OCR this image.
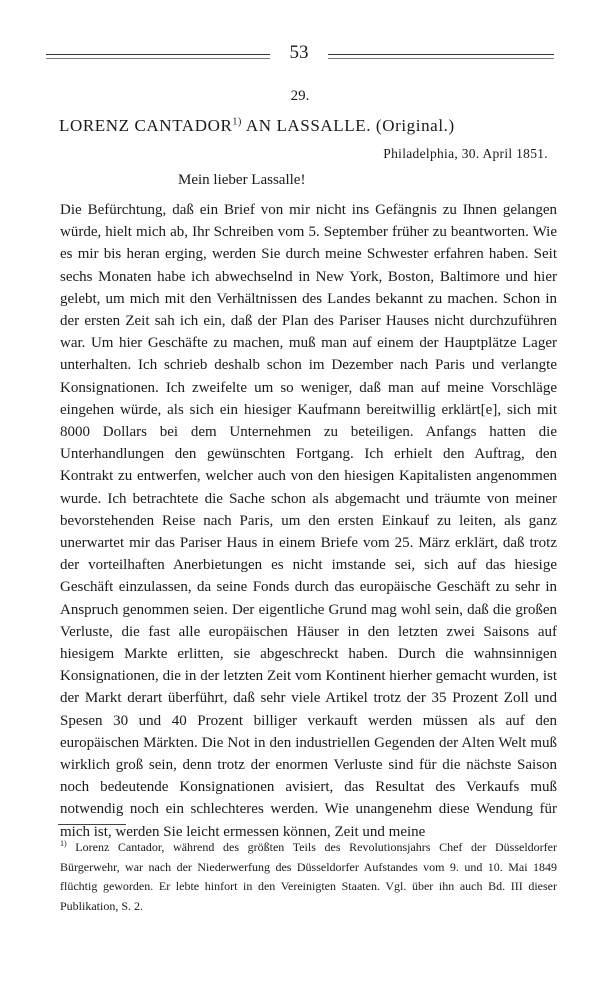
53
29.
LORENZ CANTADOR$^{1)}$ AN LASSALLE. (Original.)
Philadelphia, 30. April 1851.
Mein lieber Lassalle!
Die Befürchtung, daß ein Brief von mir nicht ins Gefängnis zu Ihnen gelangen würde, hielt mich ab, Ihr Schreiben vom 5. September früher zu beantworten. Wie es mir bis heran erging, werden Sie durch meine Schwester erfahren haben. Seit sechs Monaten habe ich abwechselnd in New York, Boston, Baltimore und hier gelebt, um mich mit den Verhältnissen des Landes bekannt zu machen. Schon in der ersten Zeit sah ich ein, daß der Plan des Pariser Hauses nicht durchzuführen war. Um hier Geschäfte zu machen, muß man auf einem der Hauptplätze Lager unterhalten. Ich schrieb deshalb schon im Dezember nach Paris und verlangte Konsignationen. Ich zweifelte um so weniger, daß man auf meine Vorschläge eingehen würde, als sich ein hiesiger Kaufmann bereitwillig erklärt[e], sich mit 8000 Dollars bei dem Unternehmen zu beteiligen. Anfangs hatten die Unterhandlungen den gewünschten Fortgang. Ich erhielt den Auftrag, den Kontrakt zu entwerfen, welcher auch von den hiesigen Kapitalisten angenommen wurde. Ich betrachtete die Sache schon als abgemacht und träumte von meiner bevorstehenden Reise nach Paris, um den ersten Einkauf zu leiten, als ganz unerwartet mir das Pariser Haus in einem Briefe vom 25. März erklärt, daß trotz der vorteilhaften Anerbietungen es nicht imstande sei, sich auf das hiesige Geschäft einzulassen, da seine Fonds durch das europäische Geschäft zu sehr in Anspruch genommen seien. Der eigentliche Grund mag wohl sein, daß die großen Verluste, die fast alle europäischen Häuser in den letzten zwei Saisons auf hiesigem Markte erlitten, sie abgeschreckt haben. Durch die wahnsinnigen Konsignationen, die in der letzten Zeit vom Kontinent hierher gemacht wurden, ist der Markt derart überführt, daß sehr viele Artikel trotz der 35 Prozent Zoll und Spesen 30 und 40 Prozent billiger verkauft werden müssen als auf den europäischen Märkten. Die Not in den industriellen Gegenden der Alten Welt muß wirklich groß sein, denn trotz der enormen Verluste sind für die nächste Saison noch bedeutende Konsignationen avisiert, das Resultat des Verkaufs muß notwendig noch ein schlechteres werden. Wie unangenehm diese Wendung für mich ist, werden Sie leicht ermessen können, Zeit und meine
$^{1)}$ Lorenz Cantador, während des größten Teils des Revolutionsjahrs Chef der Düsseldorfer Bürgerwehr, war nach der Niederwerfung des Düsseldorfer Aufstandes vom 9. und 10. Mai 1849 flüchtig geworden. Er lebte hinfort in den Vereinigten Staaten. Vgl. über ihn auch Bd. III dieser Publikation, S. 2.
